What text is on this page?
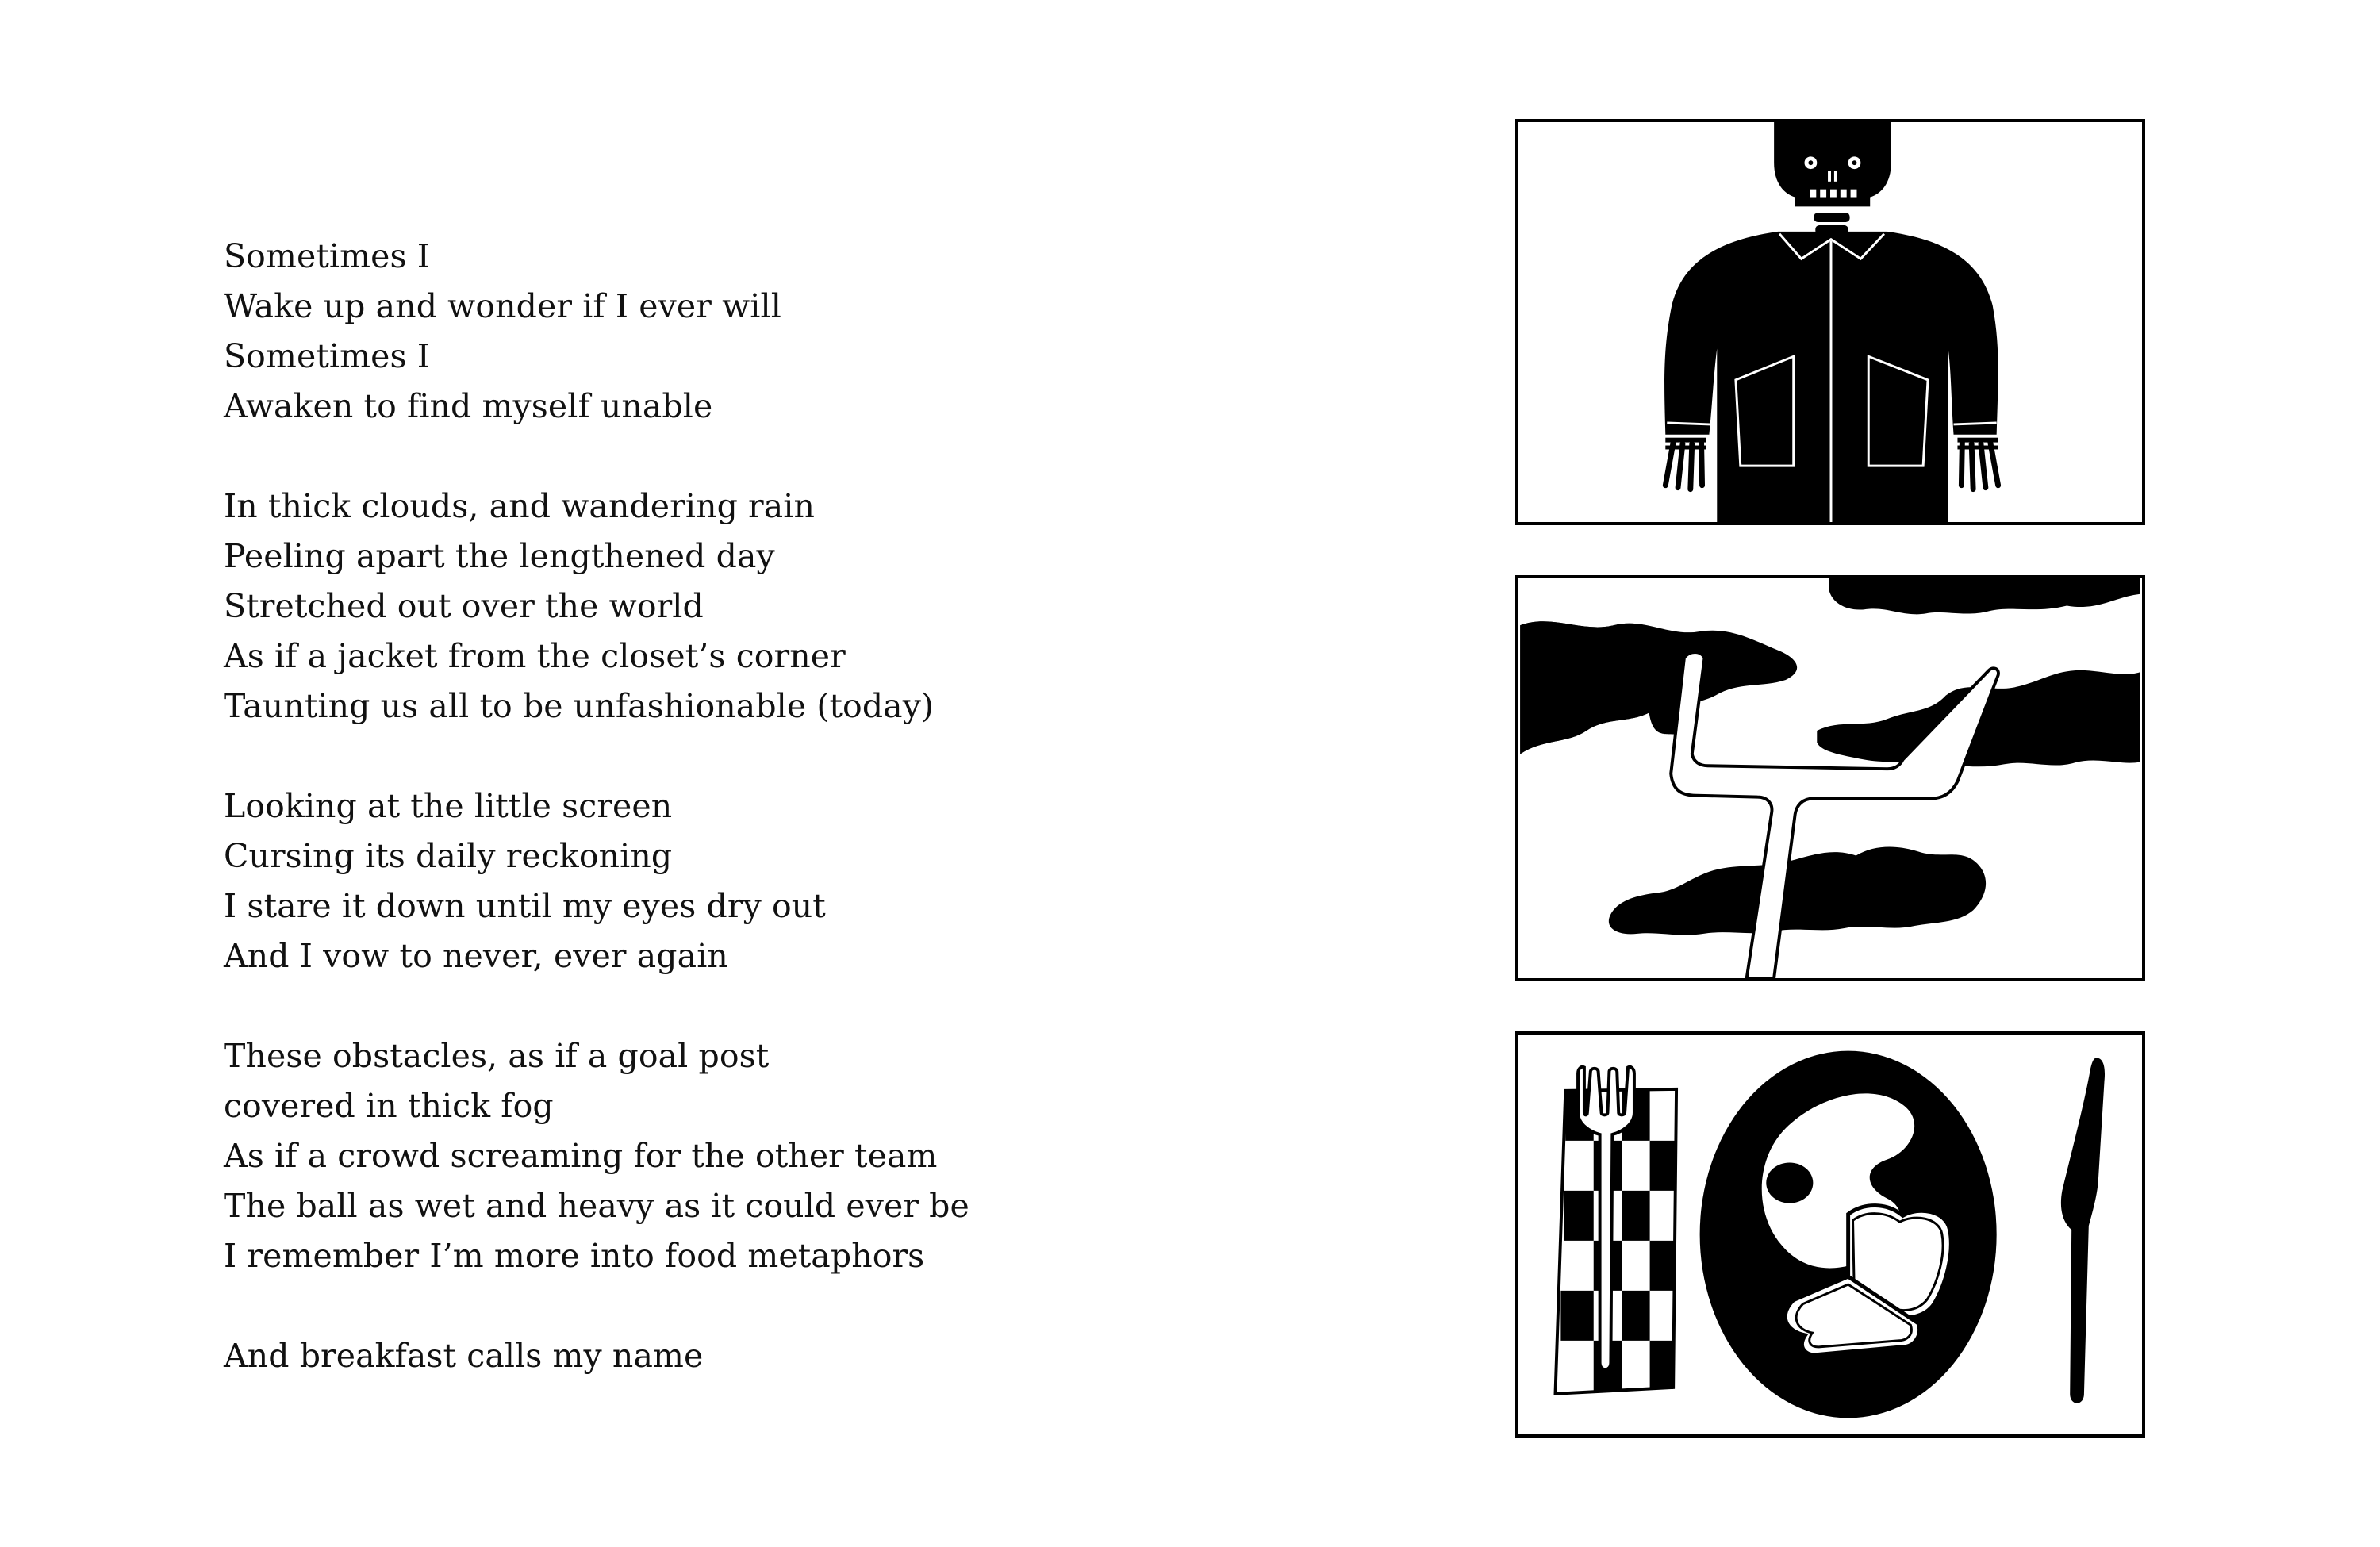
Sometimes I
Wake up and wonder if I ever will
Sometimes I
Awaken to find myself unable
In thick clouds, and wandering rain
Peeling apart the lengthened day
Stretched out over the world
As if a jacket from the closet’s corner
Taunting us all to be unfashionable (today)
Looking at the little screen
Cursing its daily reckoning
I stare it down until my eyes dry out
And I vow to never, ever again
These obstacles, as if a goal post
covered in thick fog
As if a crowd screaming for the other team
The ball as wet and heavy as it could ever be
I remember I’m more into food metaphors
And breakfast calls my name
